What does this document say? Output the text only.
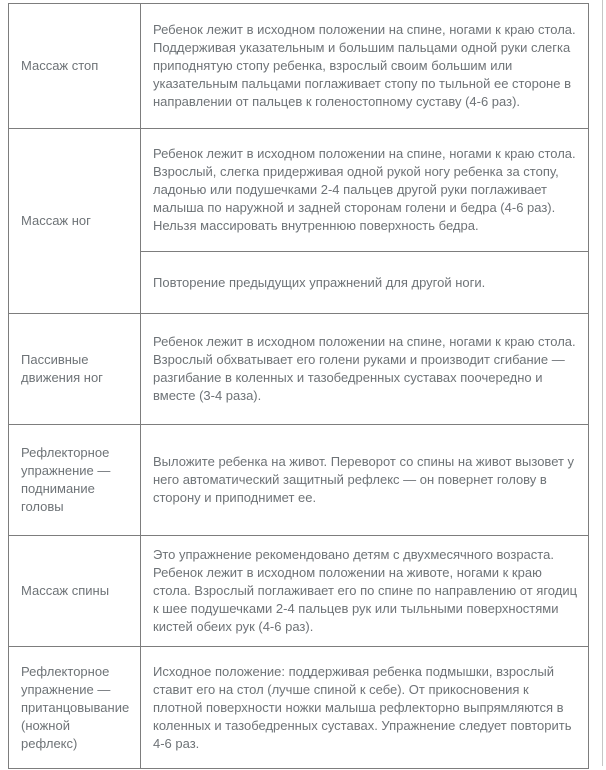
Массаж стоп	Ребенок лежит в исходном положении на спине, ногами к краю стола. Поддерживая указательным и большим пальцами одной руки слегка приподнятую стопу ребенка, взрослый своим большим или указательным пальцами поглаживает стопу по тыльной ее стороне в направлении от пальцев к голеностопному суставу (4-6 раз).
Массаж ног	Ребенок лежит в исходном положении на спине, ногами к краю стола. Взрослый, слегка придерживая одной рукой ногу ребенка за стопу, ладонью или подушечками 2-4 пальцев другой руки поглаживает малыша по наружной и задней сторонам голени и бедра (4-6 раз). Нельзя массировать внутреннюю поверхность бедра.
	Повторение предыдущих упражнений для другой ноги.
Пассивные движения ног	Ребенок лежит в исходном положении на спине, ногами к краю стола. Взрослый обхватывает его голени руками и производит сгибание — разгибание в коленных и тазобедренных суставах поочередно и вместе (3-4 раза).
Рефлекторное упражнение — поднимание головы	Выложите ребенка на живот. Переворот со спины на живот вызовет у него автоматический защитный рефлекс — он повернет голову в сторону и приподнимет ее.
Массаж спины	Это упражнение рекомендовано детям с двухмесячного возраста. Ребенок лежит в исходном положении на животе, ногами к краю стола. Взрослый поглаживает его по спине по направлению от ягодиц к шее подушечками 2-4 пальцев рук или тыльными поверхностями кистей обеих рук (4-6 раз).
Рефлекторное упражнение — пританцовывание (ножной рефлекс)	Исходное положение: поддерживая ребенка подмышки, взрослый ставит его на стол (лучше спиной к себе). От прикосновения к плотной поверхности ножки малыша рефлекторно выпрямляются в коленных и тазобедренных суставах. Упражнение следует повторить 4-6 раз.
